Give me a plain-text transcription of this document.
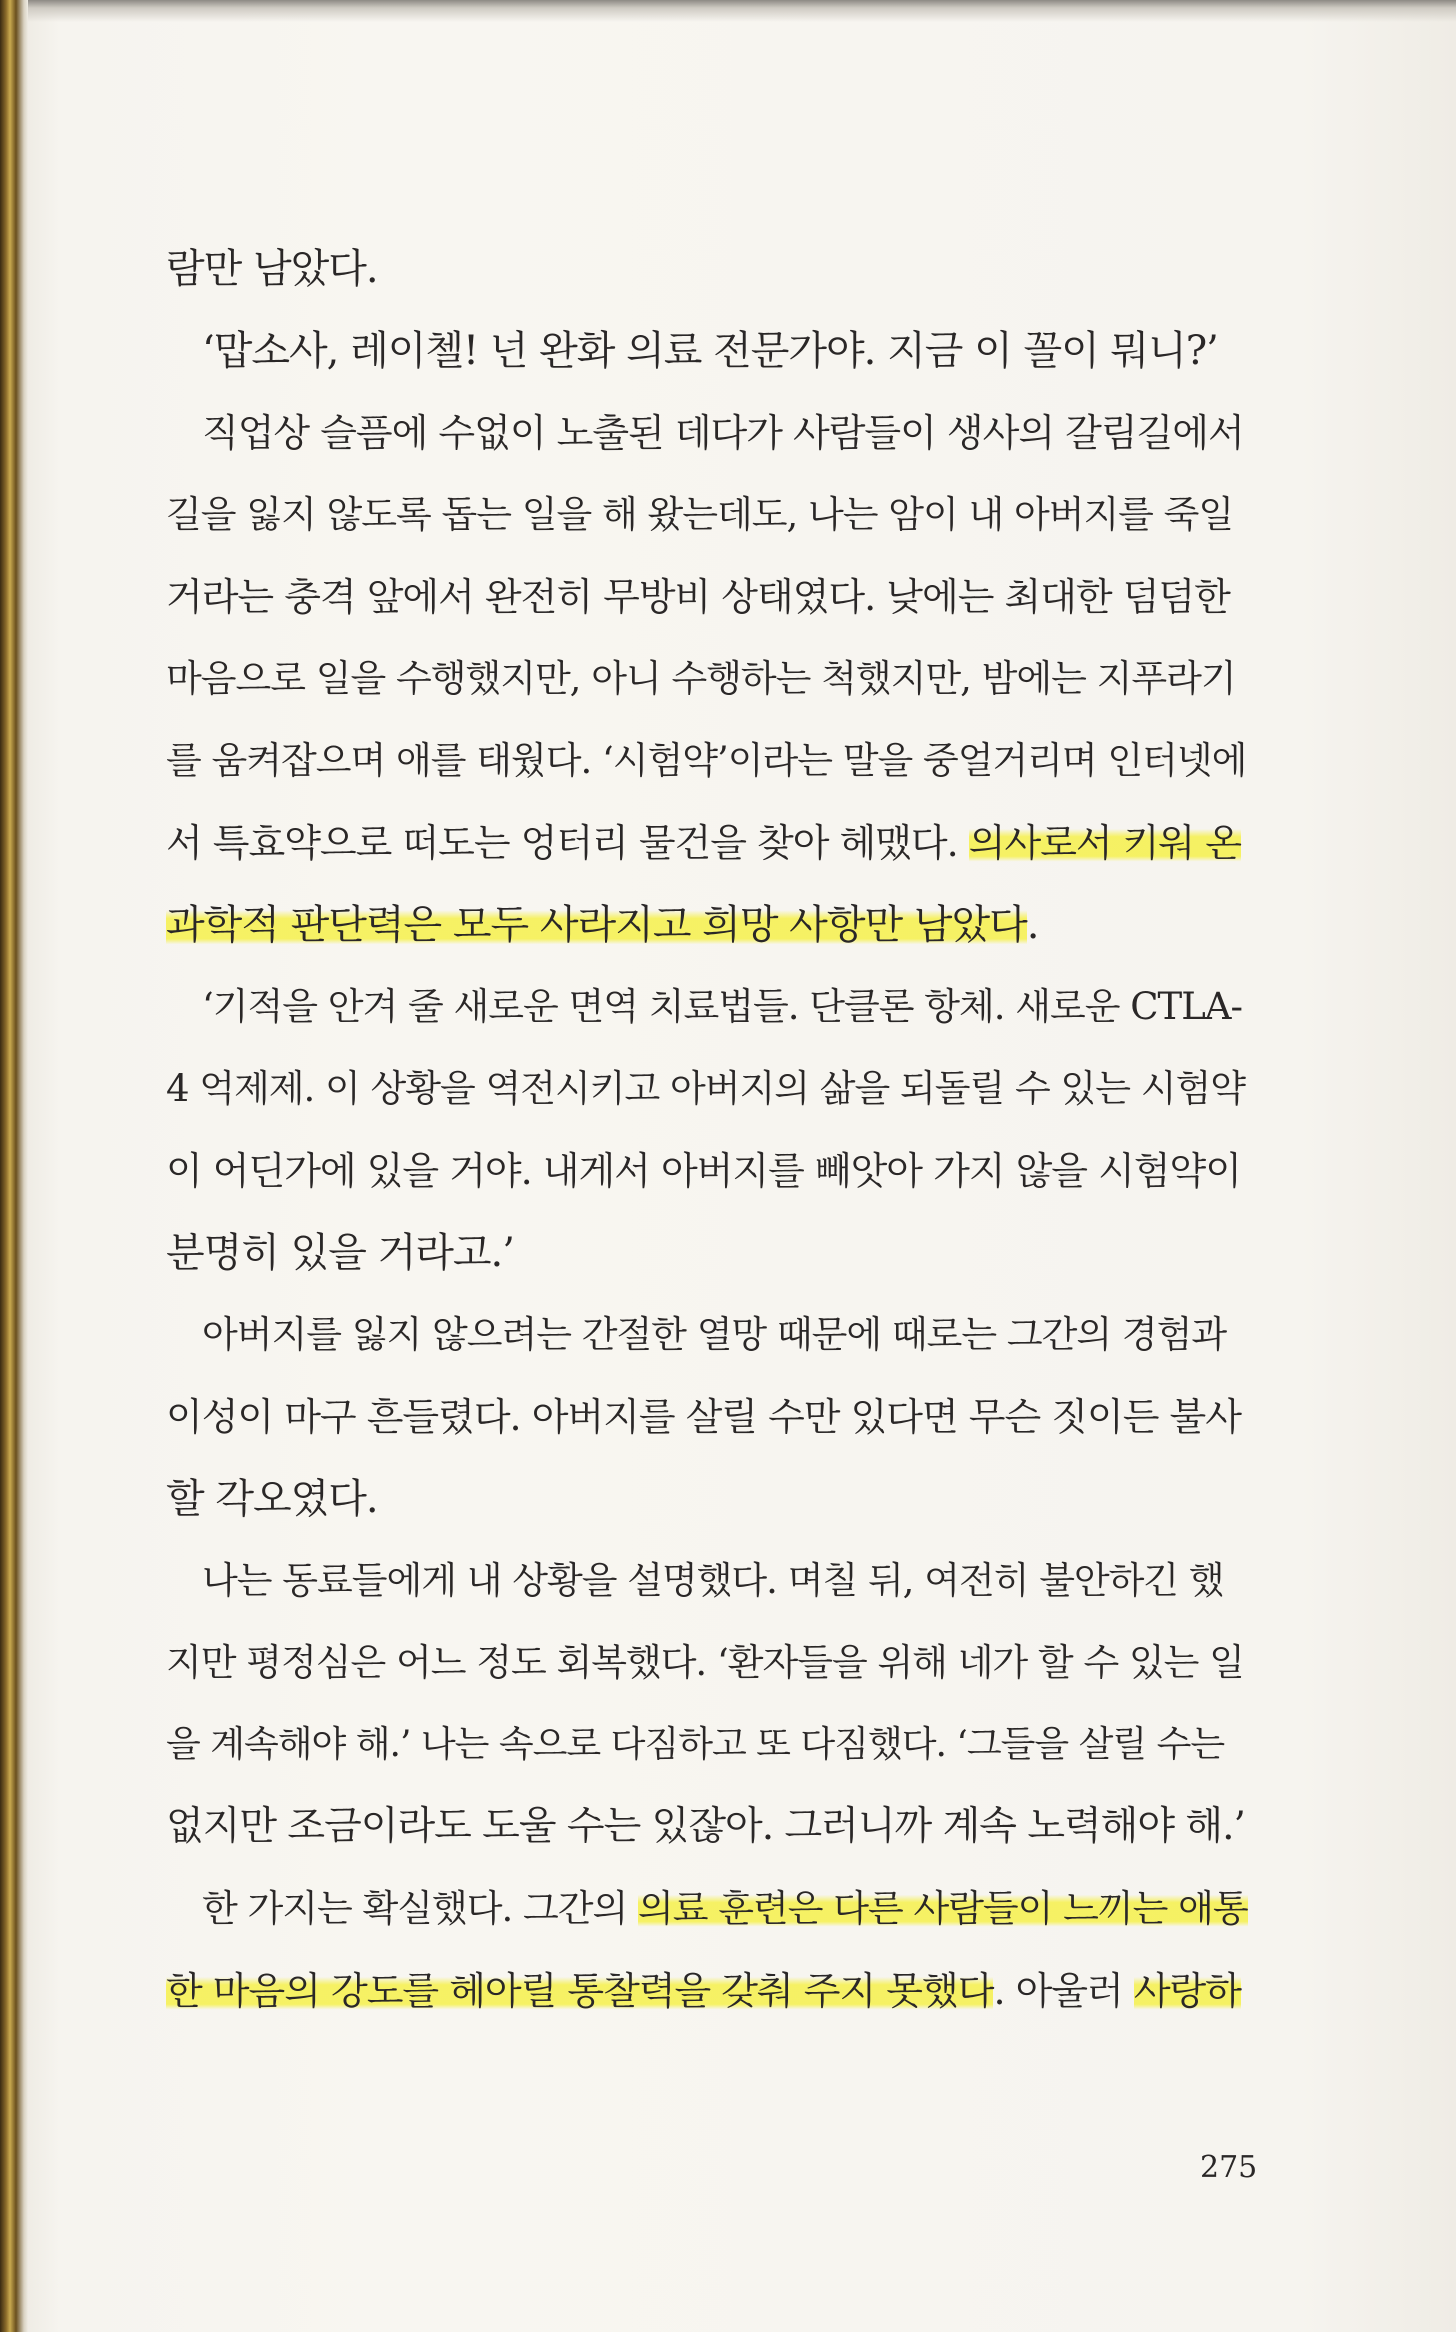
람만 남았다.
‘맙소사, 레이첼! 넌 완화 의료 전문가야. 지금 이 꼴이 뭐니?’
직업상 슬픔에 수없이 노출된 데다가 사람들이 생사의 갈림길에서
길을 잃지 않도록 돕는 일을 해 왔는데도, 나는 암이 내 아버지를 죽일
거라는 충격 앞에서 완전히 무방비 상태였다. 낮에는 최대한 덤덤한
마음으로 일을 수행했지만, 아니 수행하는 척했지만, 밤에는 지푸라기
를 움켜잡으며 애를 태웠다. ‘시험약’이라는 말을 중얼거리며 인터넷에
서 특효약으로 떠도는 엉터리 물건을 찾아 헤맸다. 의사로서 키워 온
과학적 판단력은 모두 사라지고 희망 사항만 남았다.
‘기적을 안겨 줄 새로운 면역 치료법들. 단클론 항체. 새로운 CTLA-
4 억제제. 이 상황을 역전시키고 아버지의 삶을 되돌릴 수 있는 시험약
이 어딘가에 있을 거야. 내게서 아버지를 빼앗아 가지 않을 시험약이
분명히 있을 거라고.’
아버지를 잃지 않으려는 간절한 열망 때문에 때로는 그간의 경험과
이성이 마구 흔들렸다. 아버지를 살릴 수만 있다면 무슨 짓이든 불사
할 각오였다.
나는 동료들에게 내 상황을 설명했다. 며칠 뒤, 여전히 불안하긴 했
지만 평정심은 어느 정도 회복했다. ‘환자들을 위해 네가 할 수 있는 일
을 계속해야 해.’ 나는 속으로 다짐하고 또 다짐했다. ‘그들을 살릴 수는
없지만 조금이라도 도울 수는 있잖아. 그러니까 계속 노력해야 해.’
한 가지는 확실했다. 그간의 의료 훈련은 다른 사람들이 느끼는 애통
한 마음의 강도를 헤아릴 통찰력을 갖춰 주지 못했다. 아울러 사랑하
275
